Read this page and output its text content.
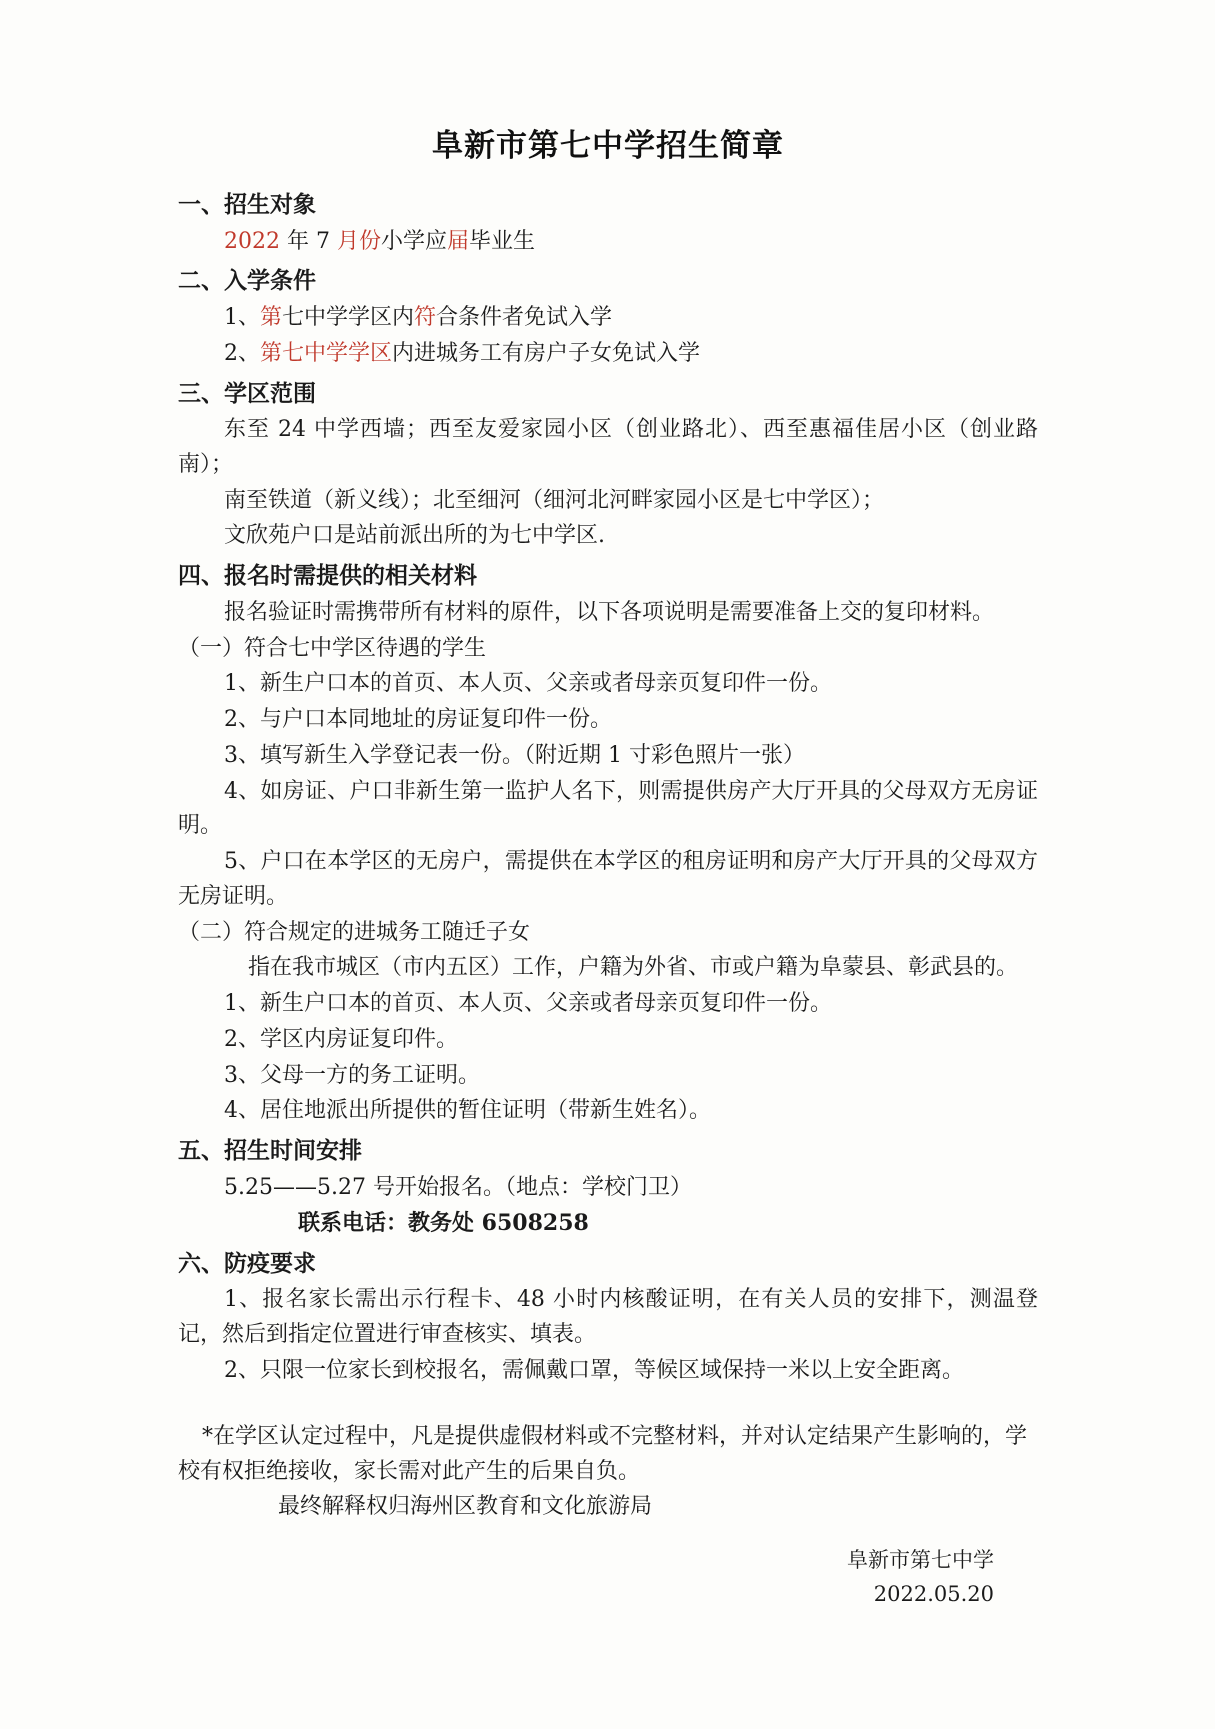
阜新市第七中学招生简章
一、招生对象
2022 年 7 月份小学应届毕业生
二、入学条件
1、第七中学学区内符合条件者免试入学
2、第七中学学区内进城务工有房户子女免试入学
三、学区范围
东至 24 中学西墙；西至友爱家园小区（创业路北）、西至惠福佳居小区（创业路南）；
南至铁道（新义线）；北至细河（细河北河畔家园小区是七中学区）；
文欣苑户口是站前派出所的为七中学区.
四、报名时需提供的相关材料
报名验证时需携带所有材料的原件，以下各项说明是需要准备上交的复印材料。
（一）符合七中学区待遇的学生
1、新生户口本的首页、本人页、父亲或者母亲页复印件一份。
2、与户口本同地址的房证复印件一份。
3、填写新生入学登记表一份。（附近期 1 寸彩色照片一张）
4、如房证、户口非新生第一监护人名下，则需提供房产大厅开具的父母双方无房证明。
5、户口在本学区的无房户，需提供在本学区的租房证明和房产大厅开具的父母双方无房证明。
（二）符合规定的进城务工随迁子女
指在我市城区（市内五区）工作，户籍为外省、市或户籍为阜蒙县、彰武县的。
1、新生户口本的首页、本人页、父亲或者母亲页复印件一份。
2、学区内房证复印件。
3、父母一方的务工证明。
4、居住地派出所提供的暂住证明（带新生姓名）。
五、招生时间安排
5.25——5.27 号开始报名。（地点：学校门卫）
联系电话：教务处 6508258
六、防疫要求
1、报名家长需出示行程卡、48 小时内核酸证明，在有关人员的安排下，测温登记，然后到指定位置进行审查核实、填表。
2、只限一位家长到校报名，需佩戴口罩，等候区域保持一米以上安全距离。
*在学区认定过程中，凡是提供虚假材料或不完整材料，并对认定结果产生影响的，学校有权拒绝接收，家长需对此产生的后果自负。
最终解释权归海州区教育和文化旅游局
阜新市第七中学
2022.05.20
